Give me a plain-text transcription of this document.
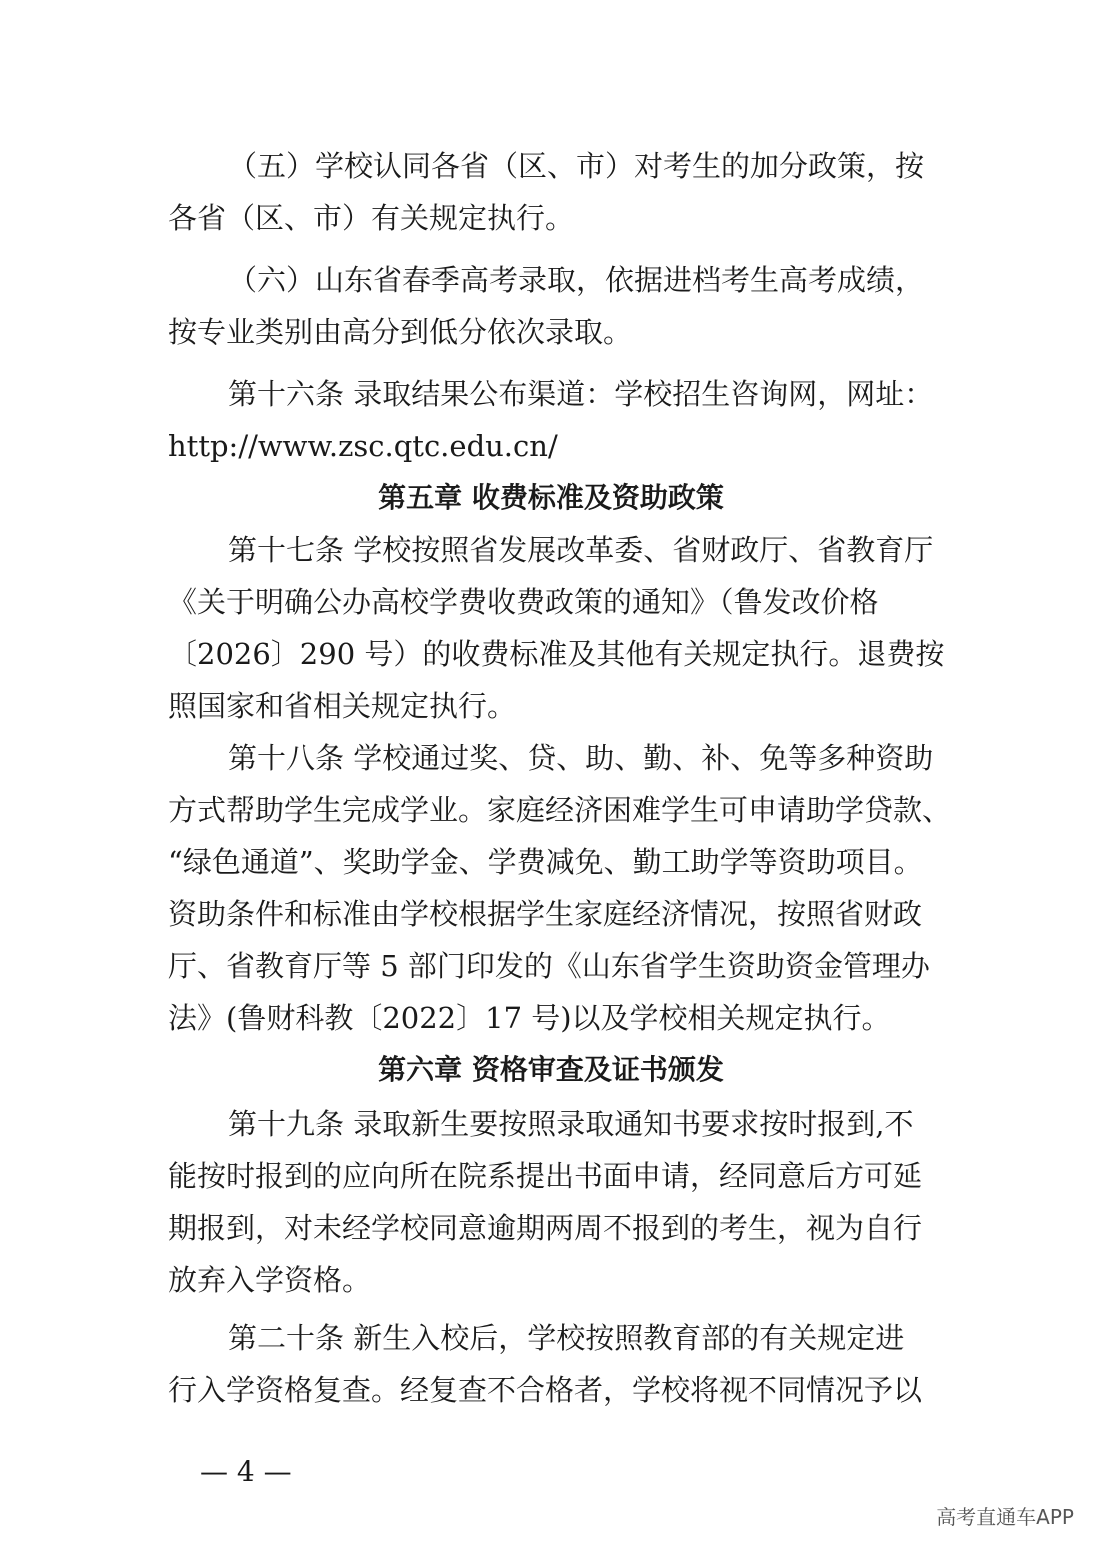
（五）学校认同各省（区、市）对考生的加分政策，按
各省（区、市）有关规定执行。
（六）山东省春季高考录取，依据进档考生高考成绩，
按专业类别由高分到低分依次录取。
第十六条 录取结果公布渠道：学校招生咨询网，网址：
http://www.zsc.qtc.edu.cn/
第五章 收费标准及资助政策
第十七条 学校按照省发展改革委、省财政厅、省教育厅
《关于明确公办高校学费收费政策的通知》（鲁发改价格
〔2026〕290 号）的收费标准及其他有关规定执行。退费按
照国家和省相关规定执行。
第十八条 学校通过奖、贷、助、勤、补、免等多种资助
方式帮助学生完成学业。家庭经济困难学生可申请助学贷款、
“绿色通道”、奖助学金、学费减免、勤工助学等资助项目。
资助条件和标准由学校根据学生家庭经济情况，按照省财政
厅、省教育厅等 5 部门印发的《山东省学生资助资金管理办
法》(鲁财科教〔2022〕17 号)以及学校相关规定执行。
第六章 资格审查及证书颁发
第十九条 录取新生要按照录取通知书要求按时报到,不
能按时报到的应向所在院系提出书面申请，经同意后方可延
期报到，对未经学校同意逾期两周不报到的考生，视为自行
放弃入学资格。
第二十条 新生入校后，学校按照教育部的有关规定进
行入学资格复查。经复查不合格者，学校将视不同情况予以
— 4 —
高考直通车APP
